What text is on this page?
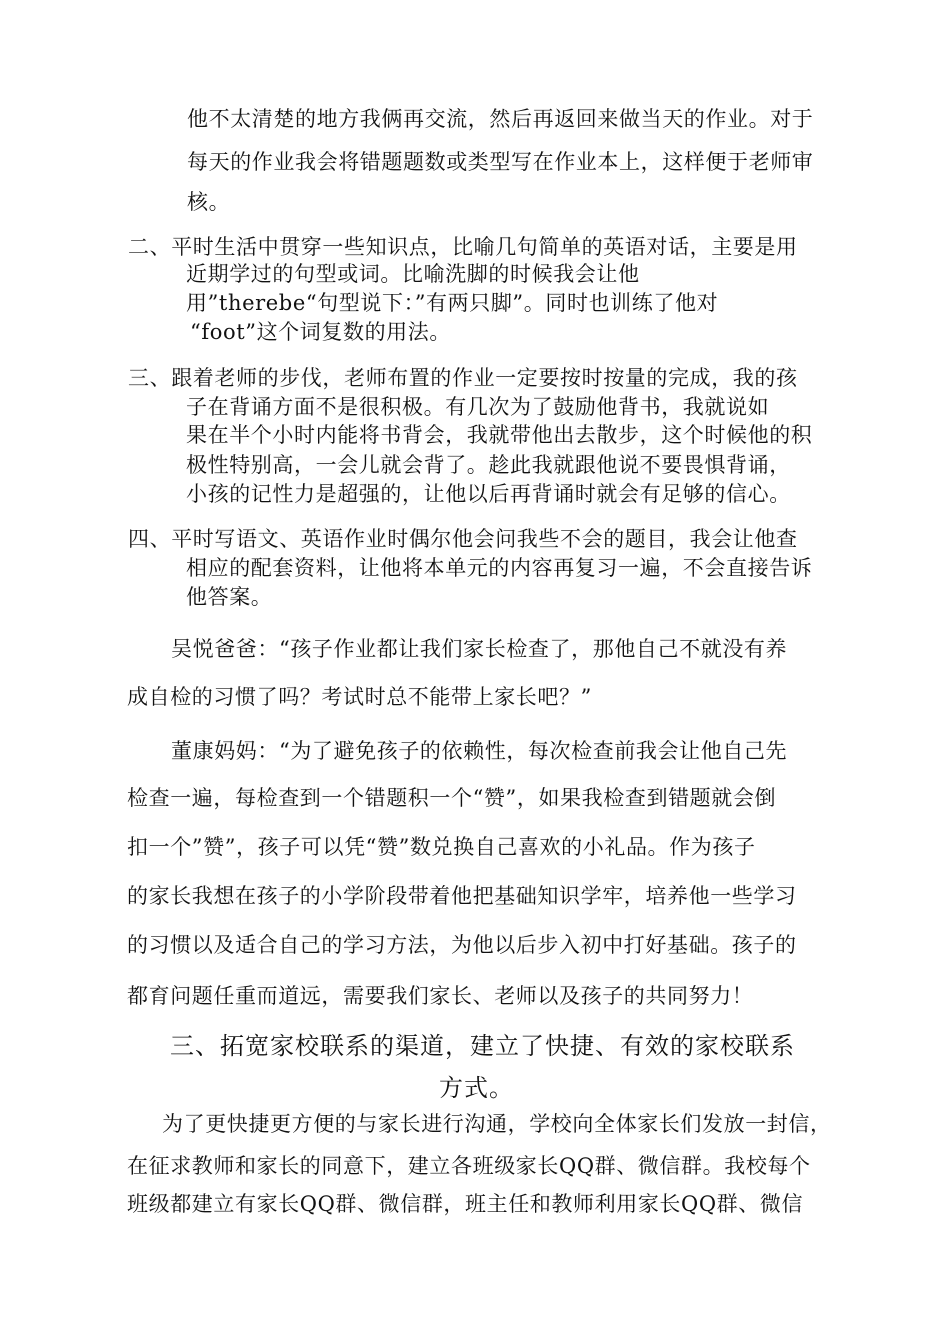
他不太清楚的地方我俩再交流，然后再返回来做当天的作业。对于
每天的作业我会将错题题数或类型写在作业本上，这样便于老师审
核。
二、平时生活中贯穿一些知识点，比喻几句简单的英语对话，主要是用
近期学过的句型或词。比喻洗脚的时候我会让他
用”therebe“句型说下：”有两只脚”。同时也训练了他对
“foot”这个词复数的用法。
三、跟着老师的步伐，老师布置的作业一定要按时按量的完成，我的孩
子在背诵方面不是很积极。有几次为了鼓励他背书，我就说如
果在半个小时内能将书背会，我就带他出去散步，这个时候他的积
极性特别高，一会儿就会背了。趁此我就跟他说不要畏惧背诵，
小孩的记性力是超强的，让他以后再背诵时就会有足够的信心。
四、平时写语文、英语作业时偶尔他会问我些不会的题目，我会让他查
相应的配套资料，让他将本单元的内容再复习一遍，不会直接告诉
他答案。
吴悦爸爸：“孩子作业都让我们家长检查了，那他自己不就没有养
成自检的习惯了吗？考试时总不能带上家长吧？”
董康妈妈：“为了避免孩子的依赖性，每次检查前我会让他自己先
检查一遍，每检查到一个错题积一个“赞”，如果我检查到错题就会倒
扣一个”赞”，孩子可以凭“赞”数兑换自己喜欢的小礼品。作为孩子
的家长我想在孩子的小学阶段带着他把基础知识学牢，培养他一些学习
的习惯以及适合自己的学习方法，为他以后步入初中打好基础。孩子的
都育问题任重而道远，需要我们家长、老师以及孩子的共同努力！
三、拓宽家校联系的渠道，建立了快捷、有效的家校联系
方式。
为了更快捷更方便的与家长进行沟通，学校向全体家长们发放一封信，
在征求教师和家长的同意下，建立各班级家长QQ群、微信群。我校每个
班级都建立有家长QQ群、微信群，班主任和教师利用家长QQ群、微信
